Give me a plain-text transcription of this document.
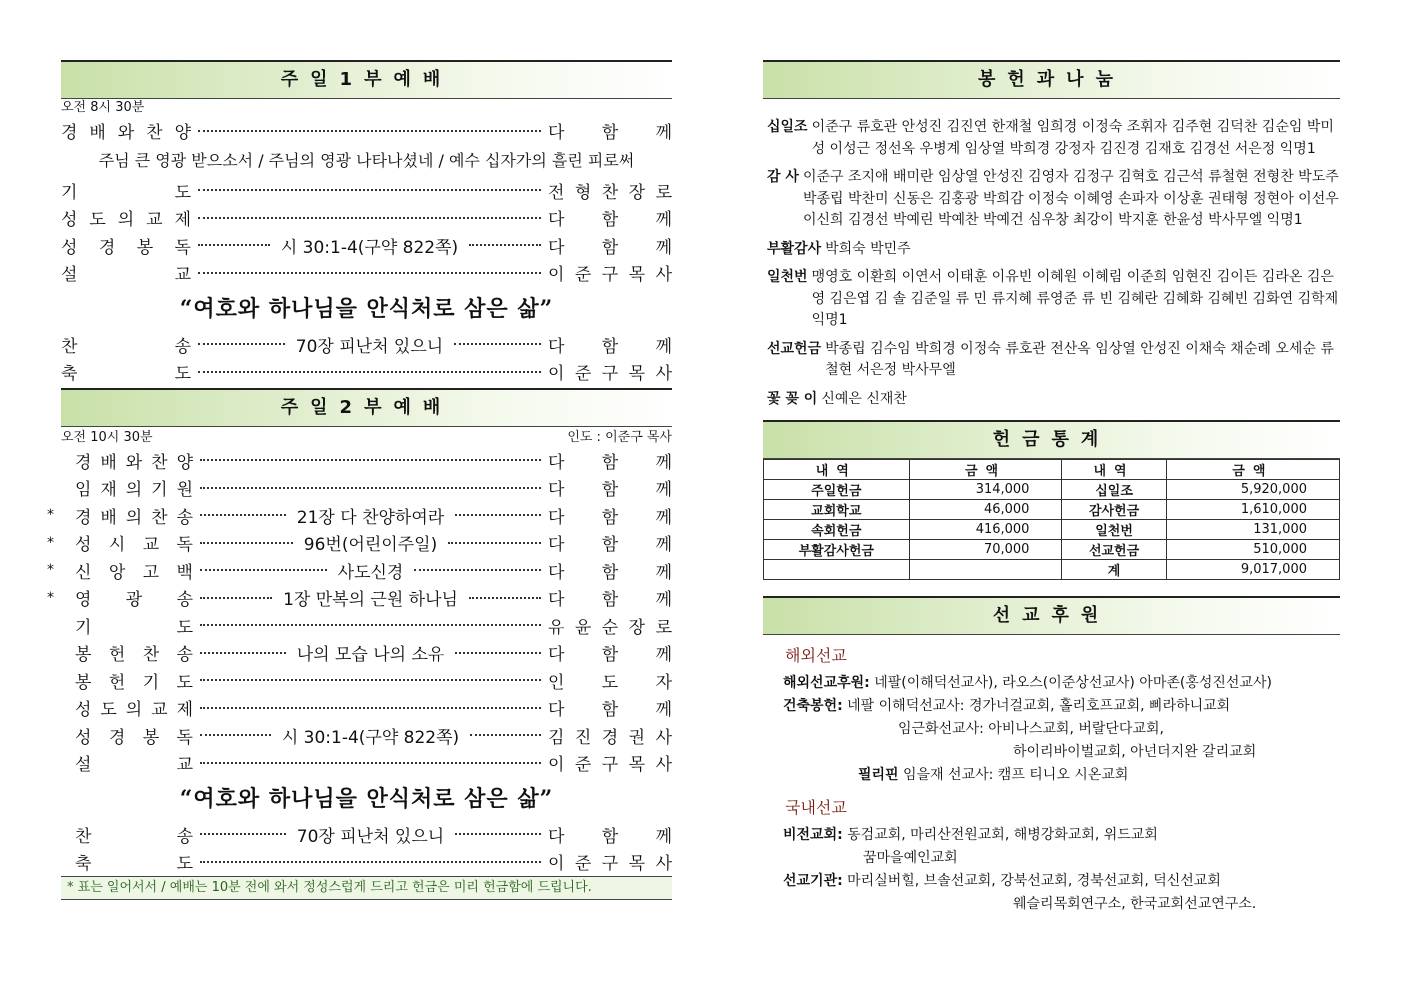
주일1부예배
오전 8시 30분
경 배 와 찬 양	다 함 께
주님 큰 영광 받으소서 / 주님의 영광 나타나셨네 / 예수 십자가의 흘린 피로써
기	도	전 형 찬 장 로
성 도 의 교 제	다 함 께
성 경 봉 독	시 30:1-4(구약 822쪽)	다 함 께
설	교	이 준 구 목 사
“여호와 하나님을 안식처로 삼은 삶”
찬	송	70장 피난처 있으니	다 함 께
축	도	이 준 구 목 사
주일2부예배
오전 10시 30분	인도 : 이준구 목사
경 배 와 찬 양	다 함 께
임 재 의 기 원	다 함 께
*	경 배 의 찬 송	21장 다 찬양하여라	다 함 께
*	성 시 교 독	96번(어린이주일)	다 함 께
*	신 앙 고 백	사도신경	다 함 께
*	영 광 송	1장 만복의 근원 하나님	다 함 께
기	도	유 윤 순 장 로
봉 헌 찬 송	나의 모습 나의 소유	다 함 께
봉 헌 기 도	인 도 자
성 도 의 교 제	다 함 께
성 경 봉 독	시 30:1-4(구약 822쪽)	김 진 경 권 사
설	교	이 준 구 목 사
“여호와 하나님을 안식처로 삼은 삶”
찬	송	70장 피난처 있으니	다 함 께
축	도	이 준 구 목 사
* 표는 일어서서 / 예배는 10분 전에 와서 정성스럽게 드리고 헌금은 미리 헌금함에 드립니다.
봉헌과나눔
십일조 이준구 류호관 안성진 김진연 한재철 임희경 이정숙 조휘자 김주현 김덕찬 김순임 박미성 이성근 정선옥 우병계 임상열 박희경 강정자 김진경 김재호 김경선 서은정 익명1
감 사 이준구 조지애 배미란 임상열 안성진 김영자 김정구 김혁호 김근석 류철현 전형찬 박도주 박종립 박찬미 신동은 김홍광 박희감 이정숙 이혜영 손파자 이상훈 권태형 정현아 이선우 이신희 김경선 박예린 박예찬 박예건 심우창 최강이 박지훈 한윤성 박사무엘 익명1
부활감사 박희숙 박민주
일천번 맹영호 이환희 이연서 이태훈 이유빈 이혜원 이혜림 이준희 임현진 김이든 김라온 김은영 김은엽 김 솔 김준일 류 민 류지혜 류영준 류 빈 김혜란 김혜화 김혜빈 김화연 김학제 익명1
선교헌금 박종립 김수임 박희경 이정숙 류호관 전산옥 임상열 안성진 이채숙 채순례 오세순 류철현 서은정 박사무엘
꽃 꽂 이 신예은 신재찬
헌금통계
내역	금액	내역	금액
주일헌금	314,000	십일조	5,920,000
교회학교	46,000	감사헌금	1,610,000
속회헌금	416,000	일천번	131,000
부활감사헌금	70,000	선교헌금	510,000
		계	9,017,000
선교후원
해외선교
해외선교후원: 네팔(이해덕선교사), 라오스(이준상선교사) 아마존(홍성진선교사)
건축봉헌: 네팔 이해덕선교사: 경가너걸교회, 홀리호프교회, 삐라하니교회
임근화선교사: 아비나스교회, 버랄단다교회,
하이리바이벌교회, 아넌더지완 갈리교회
필리핀 임을재 선교사: 캠프 티니오 시온교회
국내선교
비전교회: 동검교회, 마리산전원교회, 해병강화교회, 위드교회
꿈마을예인교회
선교기관: 마리실버힐, 브솔선교회, 강북선교회, 경북선교회, 덕신선교회
웨슬리목회연구소, 한국교회선교연구소.
